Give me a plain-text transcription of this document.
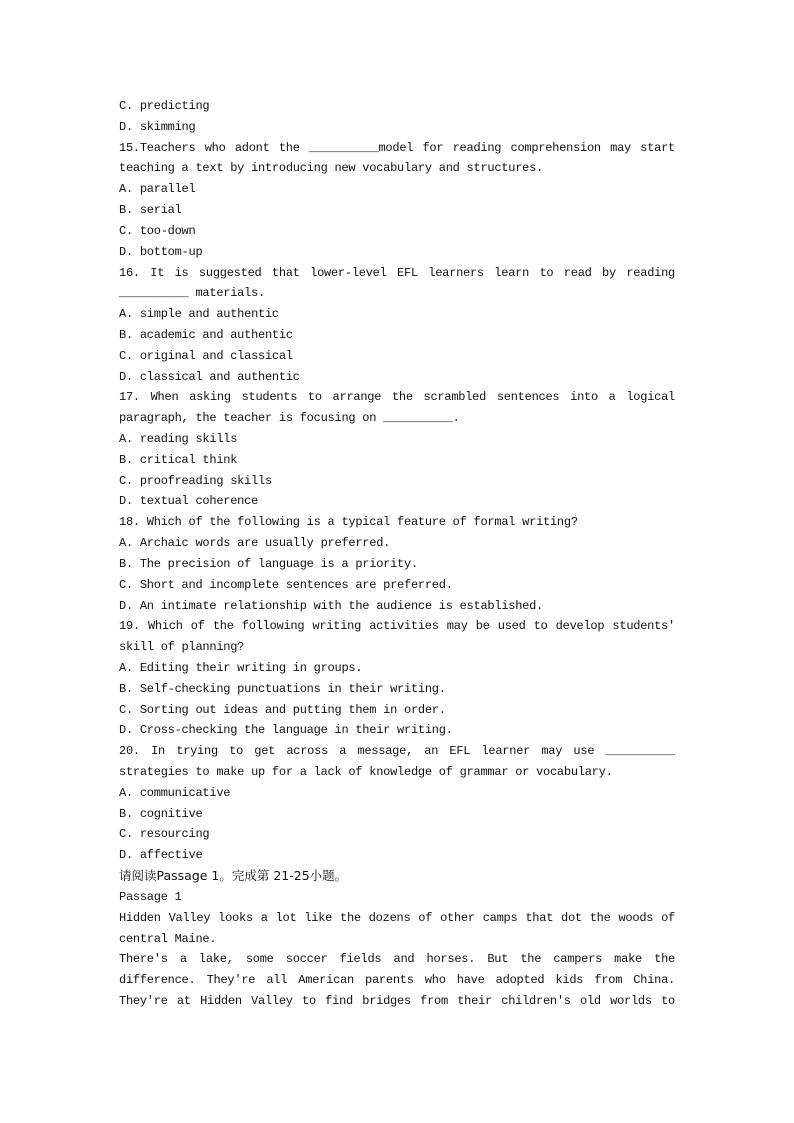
C. predicting
D. skimming
15.Teachers who adont the __________model for reading comprehension may start
teaching a text by introducing new vocabulary and structures.
A. parallel
B. serial
C. too-down
D. bottom-up
16. It is suggested that lower-level EFL learners learn to read by reading
__________ materials.
A. simple and authentic
B. academic and authentic
C. original and classical
D. classical and authentic
17. When asking students to arrange the scrambled sentences into a logical
paragraph, the teacher is focusing on __________.
A. reading skills
B. critical think
C. proofreading skills
D. textual coherence
18. Which of the following is a typical feature of formal writing?
A. Archaic words are usually preferred.
B. The precision of language is a priority.
C. Short and incomplete sentences are preferred.
D. An intimate relationship with the audience is established.
19. Which of the following writing activities may be used to develop students'
skill of planning?
A. Editing their writing in groups.
B. Self-checking punctuations in their writing.
C. Sorting out ideas and putting them in order.
D. Cross-checking the language in their writing.
20. In trying to get across a message, an EFL learner may use __________
strategies to make up for a lack of knowledge of grammar or vocabulary.
A. communicative
B. cognitive
C. resourcing
D. affective
请阅读Passage 1。完成第 21-25小题。
Passage 1
Hidden Valley looks a lot like the dozens of other camps that dot the woods of
central Maine.
There's a lake, some soccer fields and horses. But the campers make the
difference. They're all American parents who have adopted kids from China.
They're at Hidden Valley to find bridges from their children's old worlds to
